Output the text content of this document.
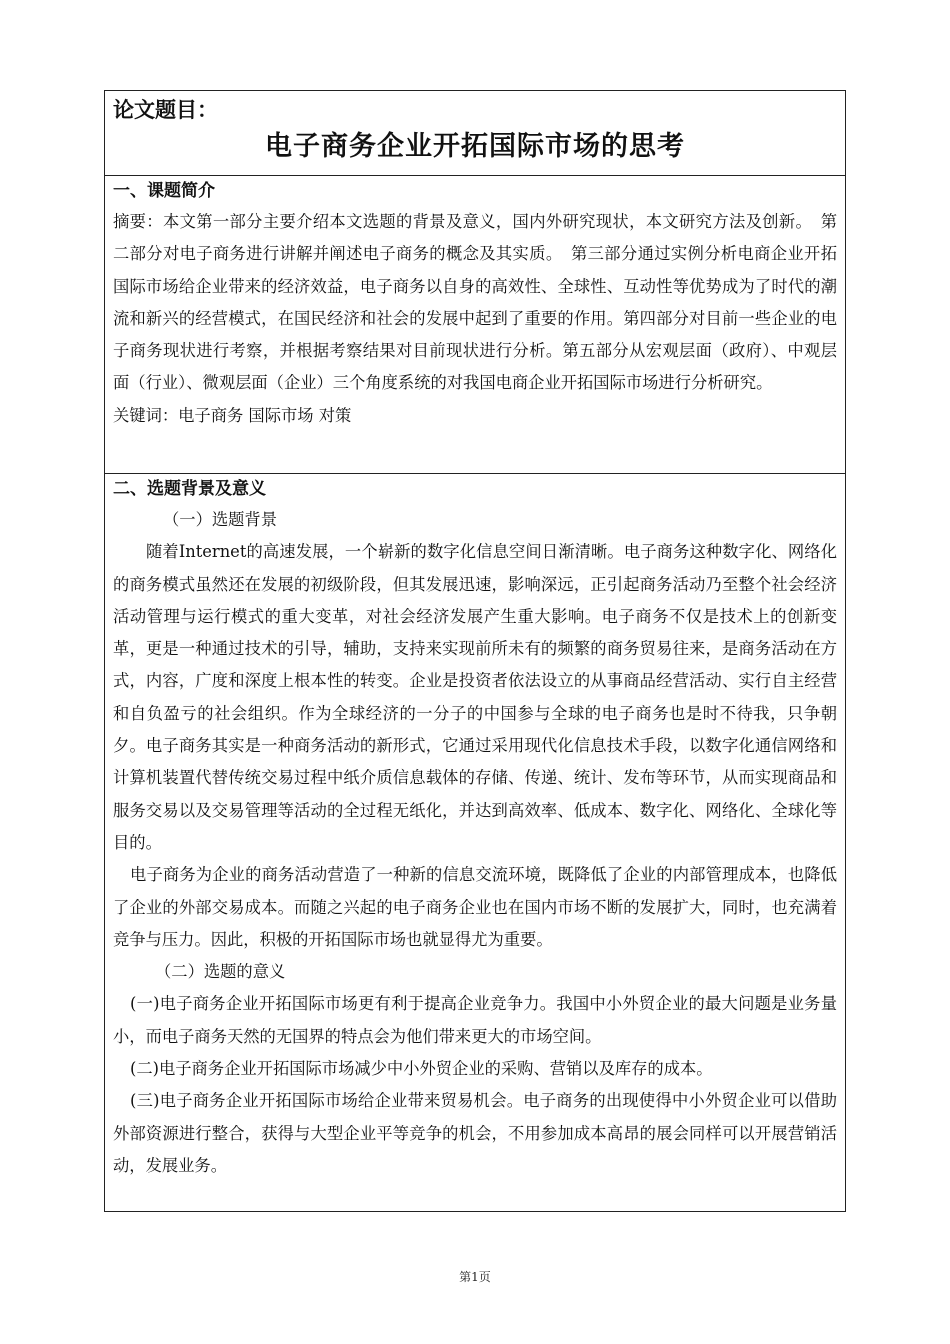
论文题目：
电子商务企业开拓国际市场的思考
一、课题简介

摘要：本文第一部分主要介绍本文选题的背景及意义，国内外研究现状，本文研究方法及创新。　第二部分对电子商务进行讲解并阐述电子商务的概念及其实质。　第三部分通过实例分析电商企业开拓国际市场给企业带来的经济效益，电子商务以自身的高效性、全球性、互动性等优势成为了时代的潮流和新兴的经营模式，在国民经济和社会的发展中起到了重要的作用。第四部分对目前一些企业的电子商务现状进行考察，并根据考察结果对目前现状进行分析。第五部分从宏观层面（政府）、中观层面（行业）、微观层面（企业）三个角度系统的对我国电商企业开拓国际市场进行分析研究。

关键词：电子商务 国际市场 对策

二、选题背景及意义
（一）选题背景

随着Internet的高速发展，一个崭新的数字化信息空间日渐清晰。电子商务这种数字化、网络化的商务模式虽然还在发展的初级阶段，但其发展迅速，影响深远，正引起商务活动乃至整个社会经济活动管理与运行模式的重大变革，对社会经济发展产生重大影响。电子商务不仅是技术上的创新变革，更是一种通过技术的引导，辅助，支持来实现前所未有的频繁的商务贸易往来，是商务活动在方式，内容，广度和深度上根本性的转变。企业是投资者依法设立的从事商品经营活动、实行自主经营和自负盈亏的社会组织。作为全球经济的一分子的中国参与全球的电子商务也是时不待我，只争朝夕。电子商务其实是一种商务活动的新形式，它通过采用现代化信息技术手段，以数字化通信网络和计算机装置代替传统交易过程中纸介质信息载体的存储、传递、统计、发布等环节，从而实现商品和服务交易以及交易管理等活动的全过程无纸化，并达到高效率、低成本、数字化、网络化、全球化等目的。

电子商务为企业的商务活动营造了一种新的信息交流环境，既降低了企业的内部管理成本，也降低了企业的外部交易成本。而随之兴起的电子商务企业也在国内市场不断的发展扩大，同时，也充满着竞争与压力。因此，积极的开拓国际市场也就显得尤为重要。

（二）选题的意义

(一)电子商务企业开拓国际市场更有利于提高企业竞争力。我国中小外贸企业的最大问题是业务量小，而电子商务天然的无国界的特点会为他们带来更大的市场空间。

(二)电子商务企业开拓国际市场减少中小外贸企业的采购、营销以及库存的成本。

(三)电子商务企业开拓国际市场给企业带来贸易机会。电子商务的出现使得中小外贸企业可以借助外部资源进行整合，获得与大型企业平等竞争的机会，不用参加成本高昂的展会同样可以开展营销活动，发展业务。

第1页
